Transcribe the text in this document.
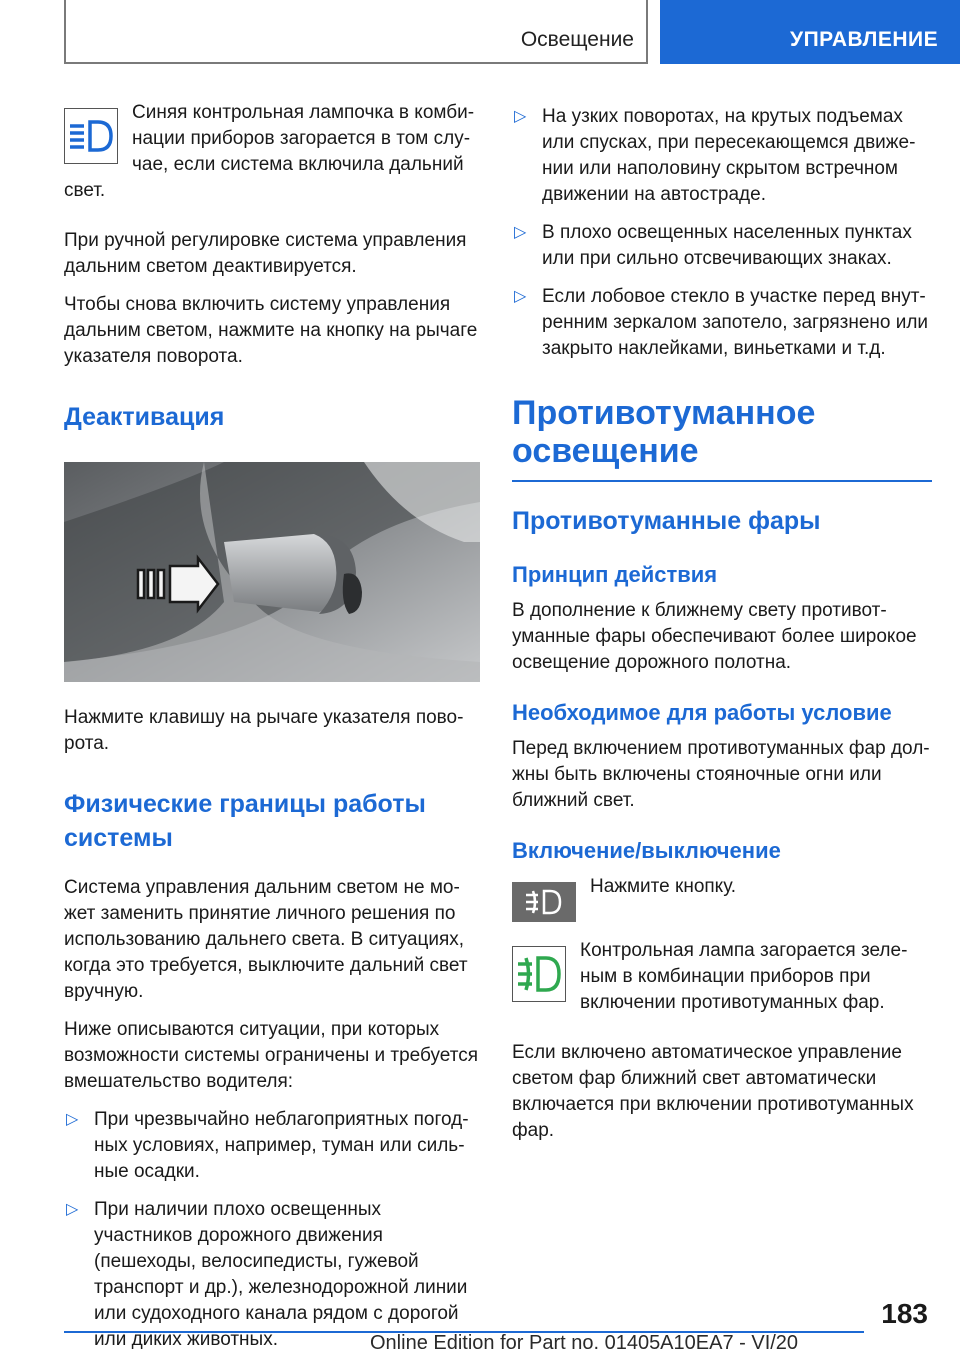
Освещение	УПРАВЛЕНИЕ

Синяя контрольная лампочка в комбинации приборов загорается в том случае, если система включила дальний свет.

При ручной регулировке система управления дальним светом деактивируется.

Чтобы снова включить систему управления дальним светом, нажмите на кнопку на рычаге указателя поворота.

Деактивация

Нажмите клавишу на рычаге указателя поворота.

Физические границы работы системы

Система управления дальним светом не может заменить принятие личного решения по использованию дальнего света. В ситуациях, когда это требуется, выключите дальний свет вручную.

Ниже описываются ситуации, при которых возможности системы ограничены и требуется вмешательство водителя:

▷ При чрезвычайно неблагоприятных погодных условиях, например, туман или сильные осадки.
▷ При наличии плохо освещенных участников дорожного движения (пешеходы, велосипедисты, гужевой транспорт и др.), железнодорожной линии или судоходного канала рядом с дорогой или диких животных.
▷ На узких поворотах, на крутых подъемах или спусках, при пересекающемся движении или наполовину скрытом встречном движении на автостраде.
▷ В плохо освещенных населенных пунктах или при сильно отсвечивающих знаках.
▷ Если лобовое стекло в участке перед внутренним зеркалом запотело, загрязнено или закрыто наклейками, виньетками и т.д.
Противотуманное освещение
Противотуманные фары
Принцип действия

В дополнение к ближнему свету противотуманные фары обеспечивают более широкое освещение дорожного полотна.

Необходимое для работы условие

Перед включением противотуманных фар должны быть включены стояночные огни или ближний свет.

Включение/выключение

Нажмите кнопку.

Контрольная лампа загорается зеленым в комбинации приборов при включении противотуманных фар.

Если включено автоматическое управление светом фар ближний свет автоматически включается при включении противотуманных фар.

183
Online Edition for Part no. 01405A10EA7 - VI/20
